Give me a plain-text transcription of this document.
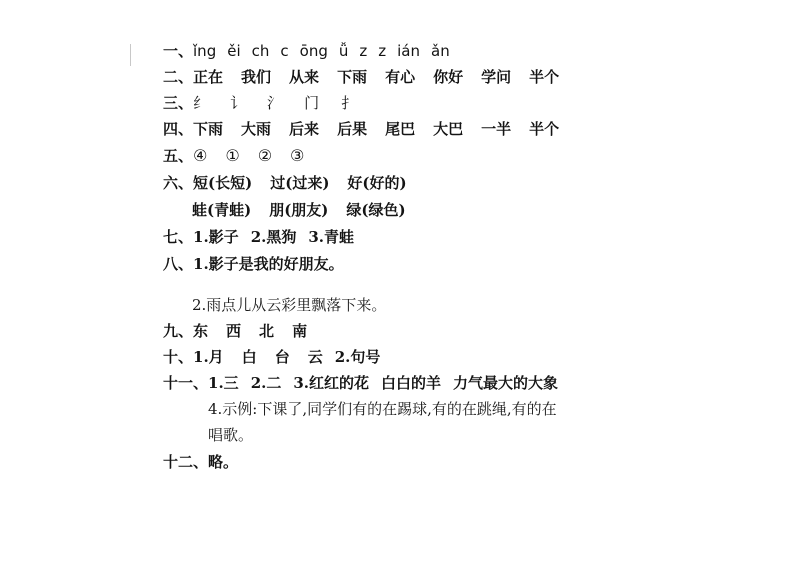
一、ǐng ěi ch c ōng ǚ z z ián ǎn
二、正在 我们 从来 下雨 有心 你好 学问 半个
三、纟 讠 氵 门 扌
四、下雨 大雨 后来 后果 尾巴 大巴 一半 半个
五、④ ① ② ③
六、短(长短) 过(过来) 好(好的)
蛙(青蛙) 朋(朋友) 绿(绿色)
七、1.影子 2.黑狗 3.青蛙
八、1.影子是我的好朋友。
2.雨点儿从云彩里飘落下来。
九、东 西 北 南
十、1.月 白 台 云 2.句号
十一、1.三 2.二 3.红红的花 白白的羊 力气最大的大象
4.示例:下课了,同学们有的在踢球,有的在跳绳,有的在
唱歌。
十二、略。
